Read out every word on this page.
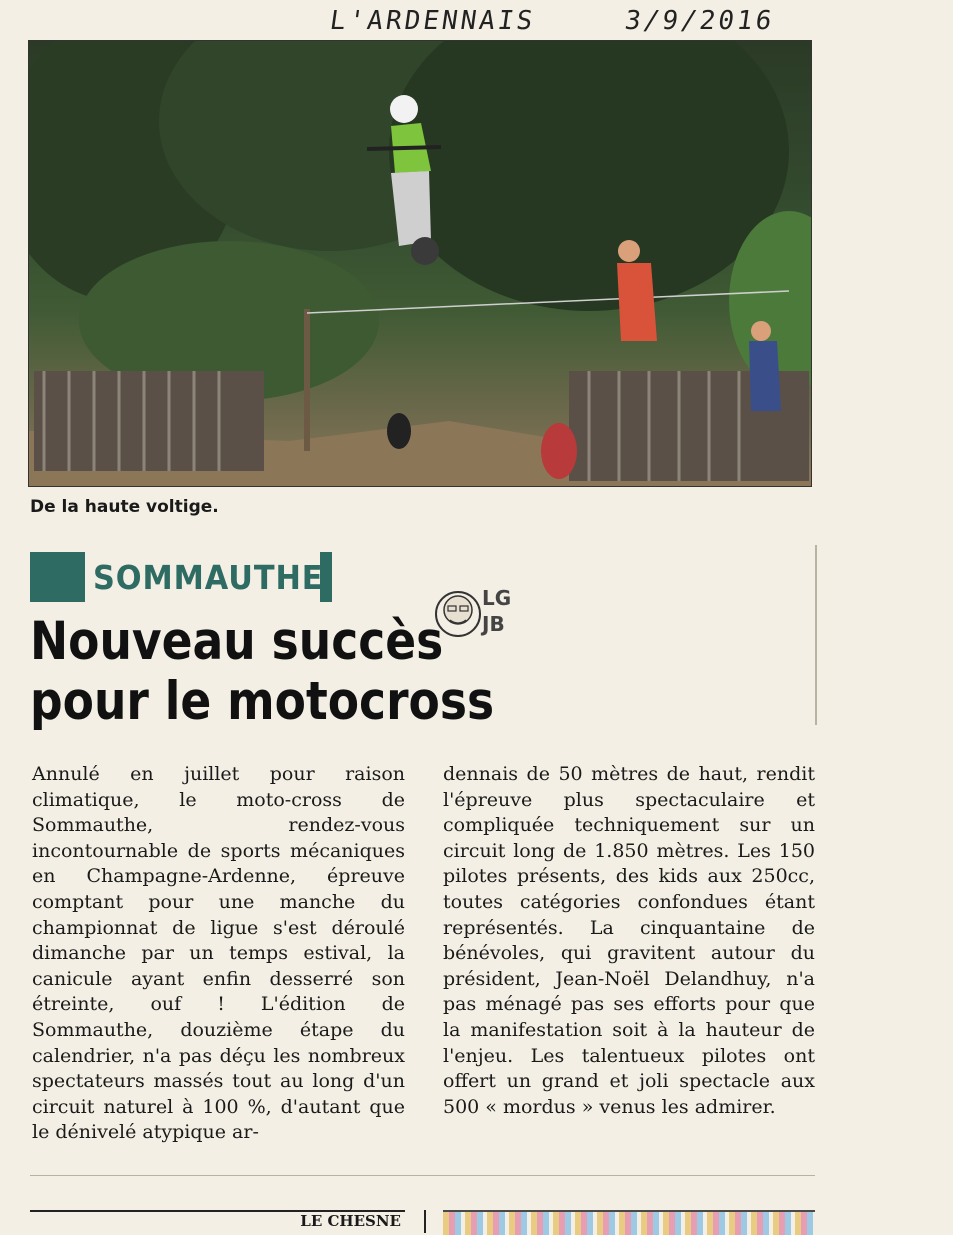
L'ARDENNAIS	3/9/2016
De la haute voltige.
SOMMAUTHE
Nouveau succès pour le motocross
LG
JB

Annulé en juillet pour raison climatique, le moto-cross de Sommauthe, rendez-vous incontournable de sports mécaniques en Champagne-Ardenne, épreuve comptant pour une manche du championnat de ligue s'est déroulé dimanche par un temps estival, la canicule ayant enfin desserré son étreinte, ouf ! L'édition de Sommauthe, douzième étape du calendrier, n'a pas déçu les nombreux spectateurs massés tout au long d'un circuit naturel à 100 %, d'autant que le dénivelé atypique ar-

dennais de 50 mètres de haut, rendit l'épreuve plus spectaculaire et compliquée techniquement sur un circuit long de 1.850 mètres. Les 150 pilotes présents, des kids aux 250cc, toutes catégories confondues étant représentés. La cinquantaine de bénévoles, qui gravitent autour du président, Jean-Noël Delandhuy, n'a pas ménagé pas ses efforts pour que la manifestation soit à la hauteur de l'enjeu. Les talentueux pilotes ont offert un grand et joli spectacle aux 500 « mordus » venus les admirer.

LE CHESNE
